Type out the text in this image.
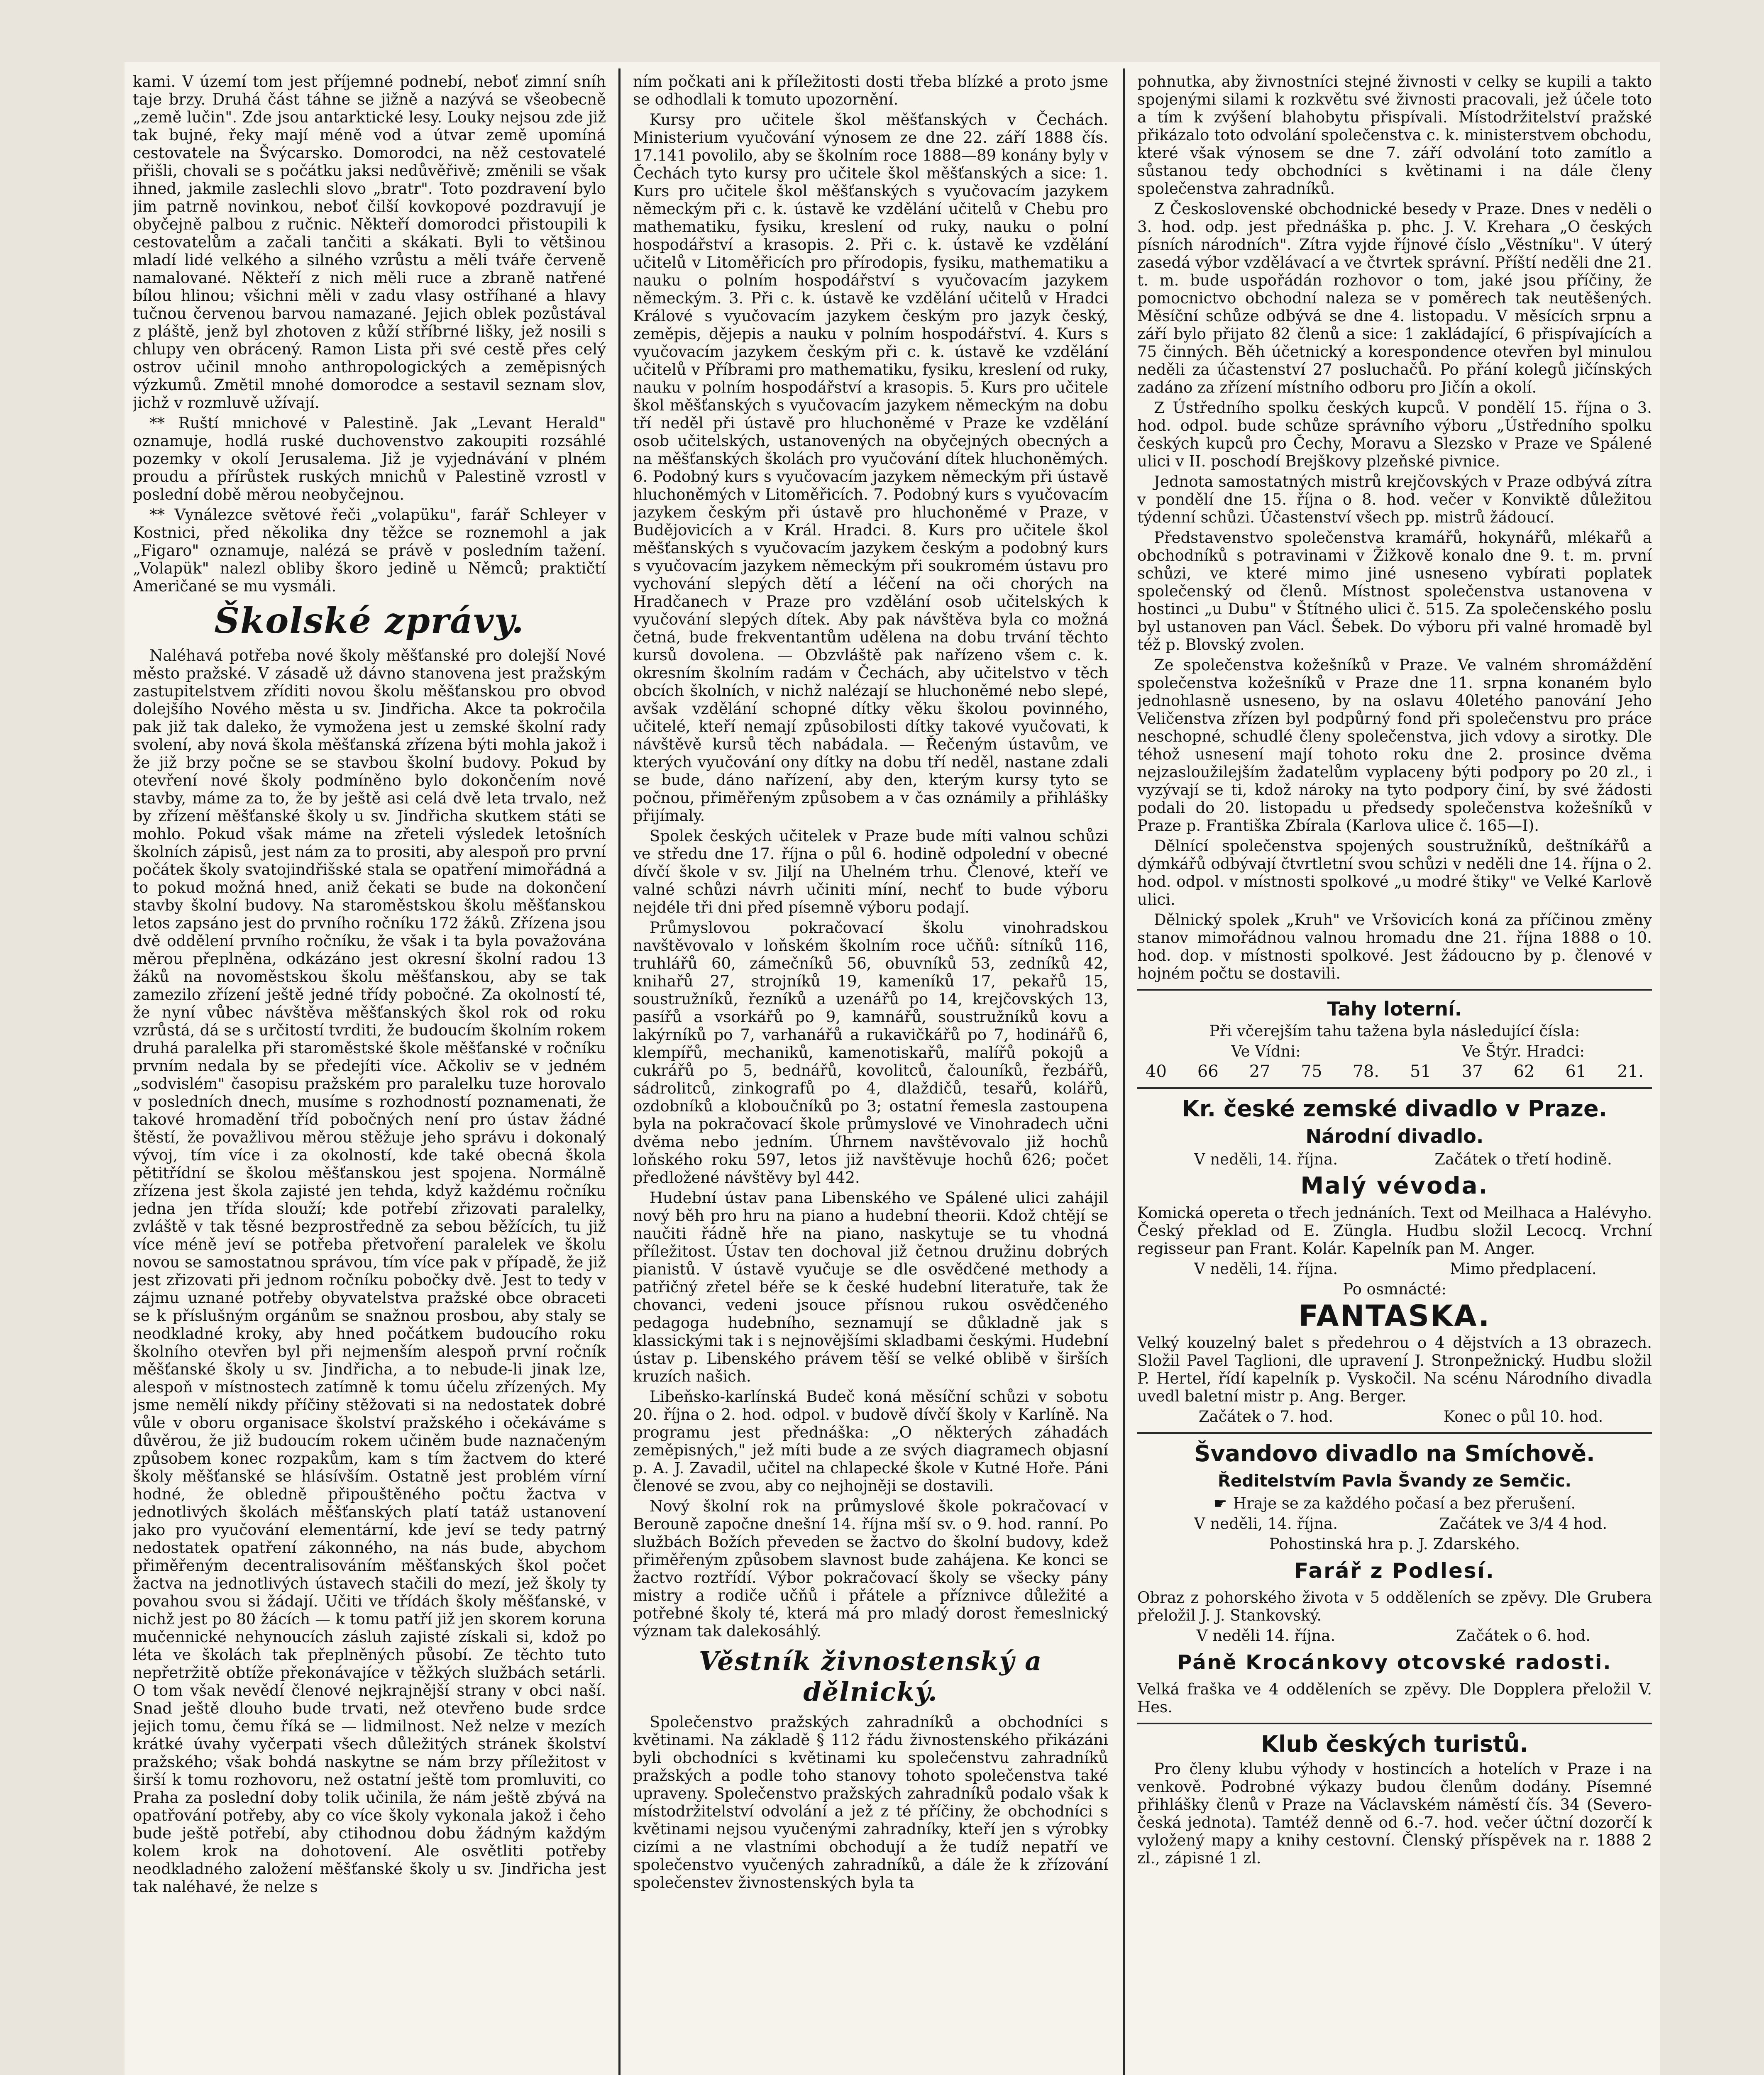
kami. V území tom jest příjemné podnebí, neboť zimní sníh taje brzy. Druhá část táhne se jižně a nazývá se všeobecně „země lučin". Zde jsou antarktické lesy. Louky nejsou zde již tak bujné, řeky mají méně vod a útvar země upomíná cestovatele na Švýcarsko. Domorodci, na něž cestovatelé přišli, chovali se s počátku jaksi nedůvěřivě; změnili se však ihned, jakmile zaslechli slovo „bratr". Toto pozdravení bylo jim patrně novinkou, neboť čilší kovkopové pozdravují je obyčejně palbou z ručnic. Někteří domorodci přistoupili k cestovatelům a začali tančiti a skákati. Byli to většinou mladí lidé velkého a silného vzrůstu a měli tváře červeně namalované. Někteří z nich měli ruce a zbraně natřené bílou hlinou; všichni měli v zadu vlasy ostříhané a hlavy tučnou červenou barvou namazané. Jejich oblek pozůstával z pláště, jenž byl zhotoven z kůží stříbrné lišky, jež nosili s chlupy ven obrácený. Ramon Lista při své cestě přes celý ostrov učinil mnoho anthropologických a zeměpisných výzkumů. Změtil mnohé domorodce a sestavil seznam slov, jichž v rozmluvě užívají.

** Ruští mnichové v Palestině. Jak „Levant Herald" oznamuje, hodlá ruské duchovenstvo zakoupiti rozsáhlé pozemky v okolí Jerusalema. Již je vyjednávání v plném proudu a přírůstek ruských mnichů v Palestině vzrostl v poslední době měrou neobyčejnou.

** Vynálezce světové řeči „volapüku", farář Schleyer v Kostnici, před několika dny těžce se roznemohl a jak „Figaro" oznamuje, nalézá se právě v posledním tažení. „Volapük" nalezl obliby škoro jedině u Němců; praktičtí Američané se mu vysmáli.

Školské zprávy.

Naléhavá potřeba nové školy měšťanské pro dolejší Nové město pražské. V zásadě už dávno stanovena jest pražským zastupitelstvem zříditi novou školu měšťanskou pro obvod dolejšího Nového města u sv. Jindřicha. Akce ta pokročila pak již tak daleko, že vymožena jest u zemské školní rady svolení, aby nová škola měšťanská zřízena býti mohla jakož i že již brzy počne se se stavbou školní budovy. Pokud by otevření nové školy podmíněno bylo dokončením nové stavby, máme za to, že by ještě asi celá dvě leta trvalo, než by zřízení měšťanské školy u sv. Jindřicha skutkem státi se mohlo. Pokud však máme na zřeteli výsledek letošních školních zápisů, jest nám za to prositi, aby alespoň pro první počátek školy svatojindřišské stala se opatření mimořádná a to pokud možná hned, aniž čekati se bude na dokončení stavby školní budovy. Na staroměstskou školu měšťanskou letos zapsáno jest do prvního ročníku 172 žáků. Zřízena jsou dvě oddělení prvního ročníku, že však i ta byla považována měrou přeplněna, odkázáno jest okresní školní radou 13 žáků na novoměstskou školu měšťanskou, aby se tak zamezilo zřízení ještě jedné třídy pobočné. Za okolností té, že nyní vůbec návštěva měšťanských škol rok od roku vzrůstá, dá se s určitostí tvrditi, že budoucím školním rokem druhá paralelka při staroměstské škole měšťanské v ročníku prvním nedala by se předejíti více. Ačkoliv se v jedném „sodvislém" časopisu pražském pro paralelku tuze horovalo v posledních dnech, musíme s rozhodností poznamenati, že takové hromadění tříd pobočných není pro ústav žádné štěstí, že považlivou měrou stěžuje jeho správu i dokonalý vývoj, tím více i za okolností, kde také obecná škola pětitřídní se školou měšťanskou jest spojena. Normálně zřízena jest škola zajisté jen tehda, když každému ročníku jedna jen třída slouží; kde potřebí zřizovati paralelky, zvláště v tak těsné bezprostředně za sebou běžících, tu již více méně jeví se potřeba přetvoření paralelek ve školu novou se samostatnou správou, tím více pak v případě, že již jest zřizovati při jednom ročníku pobočky dvě. Jest to tedy v zájmu uznané potřeby obyvatelstva pražské obce obraceti se k příslušným orgánům se snažnou prosbou, aby staly se neodkladné kroky, aby hned počátkem budoucího roku školního otevřen byl při nejmenším alespoň první ročník měšťanské školy u sv. Jindřicha, a to nebude-li jinak lze, alespoň v místnostech zatímně k tomu účelu zřízených. My jsme nemělí nikdy příčiny stěžovati si na nedostatek dobré vůle v oboru organisace školství pražského i očekáváme s důvěrou, že již budoucím rokem učiněm bude naznačeným způsobem konec rozpakům, kam s tím žactvem do které školy měšťanské se hlásívším. Ostatně jest problém vírní hodné, že obledně připouštěného počtu žactva v jednotlivých školách měšťanských platí tatáž ustanovení jako pro vyučování elementární, kde jeví se tedy patrný nedostatek opatření zákonného, na nás bude, abychom přiměřeným decentralisováním měšťanských škol počet žactva na jednotlivých ústavech stačili do mezí, jež školy ty povahou svou si žádají. Učiti ve třídách školy měšťanské, v nichž jest po 80 žácích — k tomu patří již jen skorem koruna mučennické nehynoucích zásluh zajisté získali si, kdož po léta ve školách tak přeplněných působí. Ze těchto tuto nepřetržitě obtíže překonávajíce v těžkých službách setárli. O tom však nevědí členové nejkrajnější strany v obci naší. Snad ještě dlouho bude trvati, než otevřeno bude srdce jejich tomu, čemu říká se — lidmilnost. Než nelze v mezích krátké úvahy vyčerpati všech důležitých stránek školství pražského; však bohdá naskytne se nám brzy příležitost v širší k tomu rozhovoru, než ostatní ještě tom promluviti, co Praha za poslední doby tolik učinila, že nám ještě zbývá na opatřování potřeby, aby co více školy vykonala jakož i čeho bude ještě potřebí, aby ctihodnou dobu žádným každým kolem krok na dohotovení. Ale osvětliti potřeby neodkladného založení měšťanské školy u sv. Jindřicha jest tak naléhavé, že nelze s

ním počkati ani k příležitosti dosti třeba blízké a proto jsme se odhodlali k tomuto upozornění.

Kursy pro učitele škol měšťanských v Čechách. Ministerium vyučování výnosem ze dne 22. září 1888 čís. 17.141 povolilo, aby se školním roce 1888—89 konány byly v Čechách tyto kursy pro učitele škol měšťanských a sice: 1. Kurs pro učitele škol měšťanských s vyučovacím jazykem německým při c. k. ústavě ke vzdělání učitelů v Chebu pro mathematiku, fysiku, kreslení od ruky, nauku o polní hospodářství a krasopis. 2. Při c. k. ústavě ke vzdělání učitelů v Litoměřicích pro přírodopis, fysiku, mathematiku a nauku o polním hospodářství s vyučovacím jazykem německým. 3. Při c. k. ústavě ke vzdělání učitelů v Hradci Králové s vyučovacím jazykem českým pro jazyk český, zeměpis, dějepis a nauku v polním hospodářství. 4. Kurs s vyučovacím jazykem českým při c. k. ústavě ke vzdělání učitelů v Příbrami pro mathematiku, fysiku, kreslení od ruky, nauku v polním hospodářství a krasopis. 5. Kurs pro učitele škol měšťanských s vyučovacím jazykem německým na dobu tří neděl při ústavě pro hluchoněmé v Praze ke vzdělání osob učitelských, ustanovených na obyčejných obecných a na měšťanských školách pro vyučování dítek hluchoněmých. 6. Podobný kurs s vyučovacím jazykem německým při ústavě hluchoněmých v Litoměřicích. 7. Podobný kurs s vyučovacím jazykem českým při ústavě pro hluchoněmé v Praze, v Budějovicích a v Král. Hradci. 8. Kurs pro učitele škol měšťanských s vyučovacím jazykem českým a podobný kurs s vyučovacím jazykem německým při soukromém ústavu pro vychování slepých dětí a léčení na oči chorých na Hradčanech v Praze pro vzdělání osob učitelských k vyučování slepých dítek. Aby pak návštěva byla co možná četná, bude frekventantům udělena na dobu trvání těchto kursů dovolena. — Obzvláště pak nařízeno všem c. k. okresním školním radám v Čechách, aby učitelstvo v těch obcích školních, v nichž nalézají se hluchoněmé nebo slepé, avšak vzdělání schopné dítky věku školou povinného, učitelé, kteří nemají způsobilosti dítky takové vyučovati, k návštěvě kursů těch nabádala. — Řečeným ústavům, ve kterých vyučování ony dítky na dobu tří neděl, nastane zdali se bude, dáno nařízení, aby den, kterým kursy tyto se počnou, přiměřeným způsobem a v čas oznámily a přihlášky přijímaly.

Spolek českých učitelek v Praze bude míti valnou schůzi ve středu dne 17. října o půl 6. hodině odpolední v obecné dívčí škole v sv. Jiljí na Uhelném trhu. Členové, kteří ve valné schůzi návrh učiniti míní, nechť to bude výboru nejdéle tři dni před písemně výboru podají.

Průmyslovou pokračovací školu vinohradskou navštěvovalo v loňském školním roce učňů: sítníků 116, truhlářů 60, zámečníků 56, obuvníků 53, zedníků 42, knihařů 27, strojníků 19, kameníků 17, pekařů 15, soustružníků, řezníků a uzenářů po 14, krejčovských 13, pasířů a vsorkářů po 9, kamnářů, soustružníků kovu a lakýrníků po 7, varhanářů a rukavičkářů po 7, hodinářů 6, klempířů, mechaniků, kamenotiskařů, malířů pokojů a cukrářů po 5, bednářů, kovolitců, čalouníků, řezbářů, sádrolitců, zinkografů po 4, dlaždičů, tesařů, kolářů, ozdobníků a kloboučníků po 3; ostatní řemesla zastoupena byla na pokračovací škole průmyslové ve Vinohradech učni dvěma nebo jedním. Úhrnem navštěvovalo již hochů loňského roku 597, letos již navštěvuje hochů 626; počet předložené návštěvy byl 442.

Hudební ústav pana Libenského ve Spálené ulici zahájil nový běh pro hru na piano a hudební theorii. Kdož chtějí se naučiti řádně hře na piano, naskytuje se tu vhodná příležitost. Ústav ten dochoval již četnou družinu dobrých pianistů. V ústavě vyučuje se dle osvědčené methody a patřičný zřetel béře se k české hudební literatuře, tak že chovanci, vedeni jsouce přísnou rukou osvědčeného pedagoga hudebního, seznamují se důkladně jak s klassickými tak i s nejnovějšími skladbami českými. Hudební ústav p. Libenského právem těší se velké oblibě v širších kruzích našich.

Libeňsko-karlínská Budeč koná měsíční schůzi v sobotu 20. října o 2. hod. odpol. v budově dívčí školy v Karlíně. Na programu jest přednáška: „O některých záhadách zeměpisných," jež míti bude a ze svých diagramech objasní p. A. J. Zavadil, učitel na chlapecké škole v Kutné Hoře. Páni členové se zvou, aby co nejhojněji se dostavili.

Nový školní rok na průmyslové škole pokračovací v Berouně započne dnešní 14. října mší sv. o 9. hod. ranní. Po službách Božích převeden se žactvo do školní budovy, kdež přiměřeným způsobem slavnost bude zahájena. Ke konci se žactvo roztřídí. Výbor pokračovací školy se všecky pány mistry a rodiče učňů i přátele a příznivce důležité a potřebné školy té, která má pro mladý dorost řemeslnický význam tak dalekosáhlý.

Věstník živnostenský a dělnický.

Společenstvo pražských zahradníků a obchodníci s květinami. Na základě § 112 řádu živnostenského přikázáni byli obchodníci s květinami ku společenstvu zahradníků pražských a podle toho stanovy tohoto společenstva také upraveny. Společenstvo pražských zahradníků podalo však k místodržitelství odvolání a jež z té příčiny, že obchodníci s květinami nejsou vyučenými zahradníky, kteří jen s výrobky cizími a ne vlastními obchodují a že tudíž nepatří ve společenstvo vyučených zahradníků, a dále že k zřízování společenstev živnostenských byla ta

pohnutka, aby živnostníci stejné živnosti v celky se kupili a takto spojenými silami k rozkvětu své živnosti pracovali, jež účele toto a tím k zvýšení blahobytu přispívali. Místodržitelství pražské přikázalo toto odvolání společenstva c. k. ministerstvem obchodu, které však výnosem se dne 7. září odvolání toto zamítlo a sůstanou tedy obchodníci s květinami i na dále členy společenstva zahradníků.

Z Československé obchodnické besedy v Praze. Dnes v neděli o 3. hod. odp. jest přednáška p. phc. J. V. Krehara „O českých písních národních". Zítra vyjde říjnové číslo „Věstníku". V úterý zasedá výbor vzdělávací a ve čtvrtek správní. Příští neděli dne 21. t. m. bude uspořádán rozhovor o tom, jaké jsou příčiny, že pomocnictvo obchodní naleza se v poměrech tak neutěšených. Měsíční schůze odbývá se dne 4. listopadu. V měsících srpnu a září bylo přijato 82 členů a sice: 1 zakládající, 6 přispívajících a 75 činných. Běh účetnický a korespondence otevřen byl minulou neděli za účastenství 27 posluchačů. Po přání kolegů jičínských zadáno za zřízení místního odboru pro Jičín a okolí.

Z Ústředního spolku českých kupců. V pondělí 15. října o 3. hod. odpol. bude schůze správního výboru „Ústředního spolku českých kupců pro Čechy, Moravu a Slezsko v Praze ve Spálené ulici v II. poschodí Brejškovy plzeňské pivnice.

Jednota samostatných mistrů krejčovských v Praze odbývá zítra v pondělí dne 15. října o 8. hod. večer v Konviktě důležitou týdenní schůzi. Účastenství všech pp. mistrů žádoucí.

Představenstvo společenstva kramářů, hokynářů, mlékařů a obchodníků s potravinami v Žižkově konalo dne 9. t. m. první schůzi, ve které mimo jiné usneseno vybírati poplatek společenský od členů. Místnost společenstva ustanovena v hostinci „u Dubu" v Štítného ulici č. 515. Za společenského poslu byl ustanoven pan Václ. Šebek. Do výboru při valné hromadě byl též p. Blovský zvolen.

Ze společenstva kožešníků v Praze. Ve valném shromáždění společenstva kožešníků v Praze dne 11. srpna konaném bylo jednohlasně usneseno, by na oslavu 40letého panování Jeho Veličenstva zřízen byl podpůrný fond při společenstvu pro práce neschopné, schudlé členy společenstva, jich vdovy a sirotky. Dle téhož usnesení mají tohoto roku dne 2. prosince dvěma nejzasloužilejším žadatelům vyplaceny býti podpory po 20 zl., i vyzývají se ti, kdož nároky na tyto podpory činí, by své žádosti podali do 20. listopadu u předsedy společenstva kožešníků v Praze p. Františka Zbírala (Karlova ulice č. 165—I).

Dělnící společenstva spojených soustružníků, deštníkářů a dýmkářů odbývají čtvrtletní svou schůzi v neděli dne 14. října o 2. hod. odpol. v místnosti spolkové „u modré štiky" ve Velké Karlově ulici.

Dělnický spolek „Kruh" ve Vršovicích koná za příčinou změny stanov mimořádnou valnou hromadu dne 21. října 1888 o 10. hod. dop. v místnosti spolkové. Jest žádoucno by p. členové v hojném počtu se dostavili.

Tahy loterní.
Při včerejším tahu tažena byla následující čísla:
Ve Vídni:	Ve Štýr. Hradci:
40 66 27 75 78. 51 37 62 61 21.
Kr. české zemské divadlo v Praze.
Národní divadlo.
V neděli, 14. října.	Začátek o třetí hodině.
Malý vévoda.

Komická opereta o třech jednáních. Text od Meilhaca a Halévyho. Český překlad od E. Züngla. Hudbu složil Lecocq. Vrchní regisseur pan Frant. Kolár. Kapelník pan M. Anger.

V neděli, 14. října.	Mimo předplacení.
Po osmnácté:
FANTASKA.

Velký kouzelný balet s předehrou o 4 dějstvích a 13 obrazech. Složil Pavel Taglioni, dle upravení J. Stronpežnický. Hudbu složil P. Hertel, řídí kapelník p. Vyskočil. Na scénu Národního divadla uvedl baletní mistr p. Ang. Berger.

Začátek o 7. hod.	Konec o půl 10. hod.
Švandovo divadlo na Smíchově.
Ředitelstvím Pavla Švandy ze Semčic.
☛ Hraje se za každého počasí a bez přerušení.
V neděli, 14. října.	Začátek ve 3/4 4 hod.
Pohostinská hra p. J. Zdarského.
Farář z Podlesí.

Obraz z pohorského života v 5 odděleních se zpěvy. Dle Grubera přeložil J. J. Stankovský.

V neděli 14. října.	Začátek o 6. hod.
Páně Krocánkovy otcovské radosti.

Velká fraška ve 4 odděleních se zpěvy. Dle Dopplera přeložil V. Hes.

Klub českých turistů.

Pro členy klubu výhody v hostincích a hotelích v Praze i na venkově. Podrobné výkazy budou členům dodány. Písemné přihlášky členů v Praze na Václavském náměstí čís. 34 (Severo-česká jednota). Tamtéž denně od 6.-7. hod. večer účtní dozorčí k vyložený mapy a knihy cestovní. Členský příspěvek na r. 1888 2 zl., zápisné 1 zl.
